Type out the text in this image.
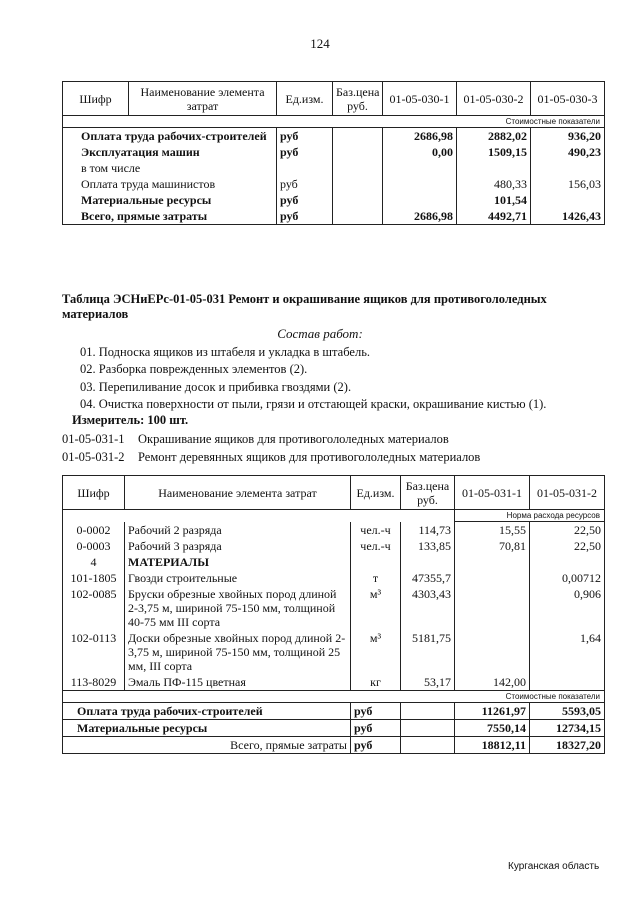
124
Шифр	Наименование элемента затрат	Ед.изм.	Баз.цена руб.	01-05-030-1	01-05-030-2	01-05-030-3
Стоимостные показатели						
Оплата труда рабочих-строителей		руб		2686,98	2882,02	936,20
Эксплуатация машин		руб		0,00	1509,15	490,23
в том числе						
Оплата труда машинистов		руб			480,33	156,03
Материальные ресурсы		руб			101,54	
Всего, прямые затраты		руб		2686,98	4492,71	1426,43
Таблица ЭСНиЕРс-01-05-031 Ремонт и окрашивание ящиков для противогололедных материалов
Состав работ:
01. Подноска ящиков из штабеля и укладка в штабель.
02. Разборка поврежденных элементов (2).
03. Перепиливание досок и прибивка гвоздями (2).
04. Очистка поверхности от пыли, грязи и отстающей краски, окрашивание кистью (1).
Измеритель: 100 шт.
01-05-031-1 Окрашивание ящиков для противогололедных материалов
01-05-031-2 Ремонт деревянных ящиков для противогололедных материалов
Шифр	Наименование элемента затрат	Ед.изм.	Баз.цена руб.	01-05-031-1	01-05-031-2
				Норма расхода ресурсов	
0-0002	Рабочий 2 разряда	чел.-ч	114,73	15,55	22,50
0-0003	Рабочий 3 разряда	чел.-ч	133,85	70,81	22,50
4	МАТЕРИАЛЫ				
101-1805	Гвозди строительные	т	47355,7		0,00712
102-0085	Бруски обрезные хвойных пород длиной 2-3,75 м, шириной 75-150 мм, толщиной 40-75 мм III сорта	м³	4303,43		0,906
102-0113	Доски обрезные хвойных пород длиной 2-3,75 м, шириной 75-150 мм, толщиной 25 мм, III сорта	м³	5181,75		1,64
113-8029	Эмаль ПФ-115 цветная	кг	53,17	142,00	
Стоимостные показатели					
Оплата труда рабочих-строителей		руб		11261,97	5593,05
Материальные ресурсы		руб		7550,14	12734,15
Всего, прямые затраты		руб		18812,11	18327,20
Курганская область
